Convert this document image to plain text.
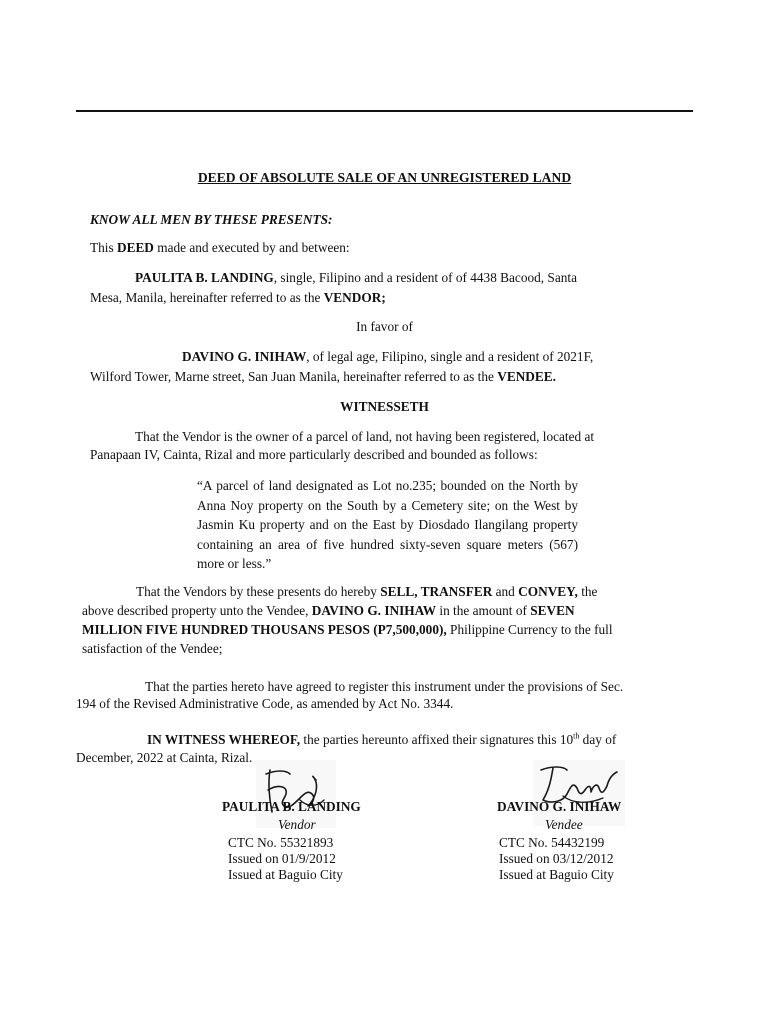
DEED OF ABSOLUTE SALE OF AN UNREGISTERED LAND
KNOW ALL MEN BY THESE PRESENTS:
This DEED made and executed by and between:
PAULITA B. LANDING, single, Filipino and a resident of of 4438 Bacood, Santa
Mesa, Manila, hereinafter referred to as the VENDOR;
In favor of
DAVINO G. INIHAW, of legal age, Filipino, single and a resident of 2021F,
Wilford Tower, Marne street, San Juan Manila, hereinafter referred to as the VENDEE.
WITNESSETH
That the Vendor is the owner of a parcel of land, not having been registered, located at
Panapaan IV, Cainta, Rizal and more particularly described and bounded as follows:
“A parcel of land designated as Lot no.235; bounded on the North by Anna Noy property on the South by a Cemetery site; on the West by Jasmin Ku property and on the East by Diosdado Ilangilang property containing an area of five hundred sixty-seven square meters (567) more or less.”
That the Vendors by these presents do hereby SELL, TRANSFER and CONVEY, the
above described property unto the Vendee, DAVINO G. INIHAW in the amount of SEVEN
MILLION FIVE HUNDRED THOUSANS PESOS (P7,500,000), Philippine Currency to the full
satisfaction of the Vendee;
That the parties hereto have agreed to register this instrument under the provisions of Sec.
194 of the Revised Administrative Code, as amended by Act No. 3344.
IN WITNESS WHEREOF, the parties hereunto affixed their signatures this 10th day of
December, 2022 at Cainta, Rizal.
PAULITA B. LANDING
Vendor
CTC No. 55321893
Issued on 01/9/2012
Issued at Baguio City
DAVINO G. INIHAW
Vendee
CTC No. 54432199
Issued on 03/12/2012
Issued at Baguio City
